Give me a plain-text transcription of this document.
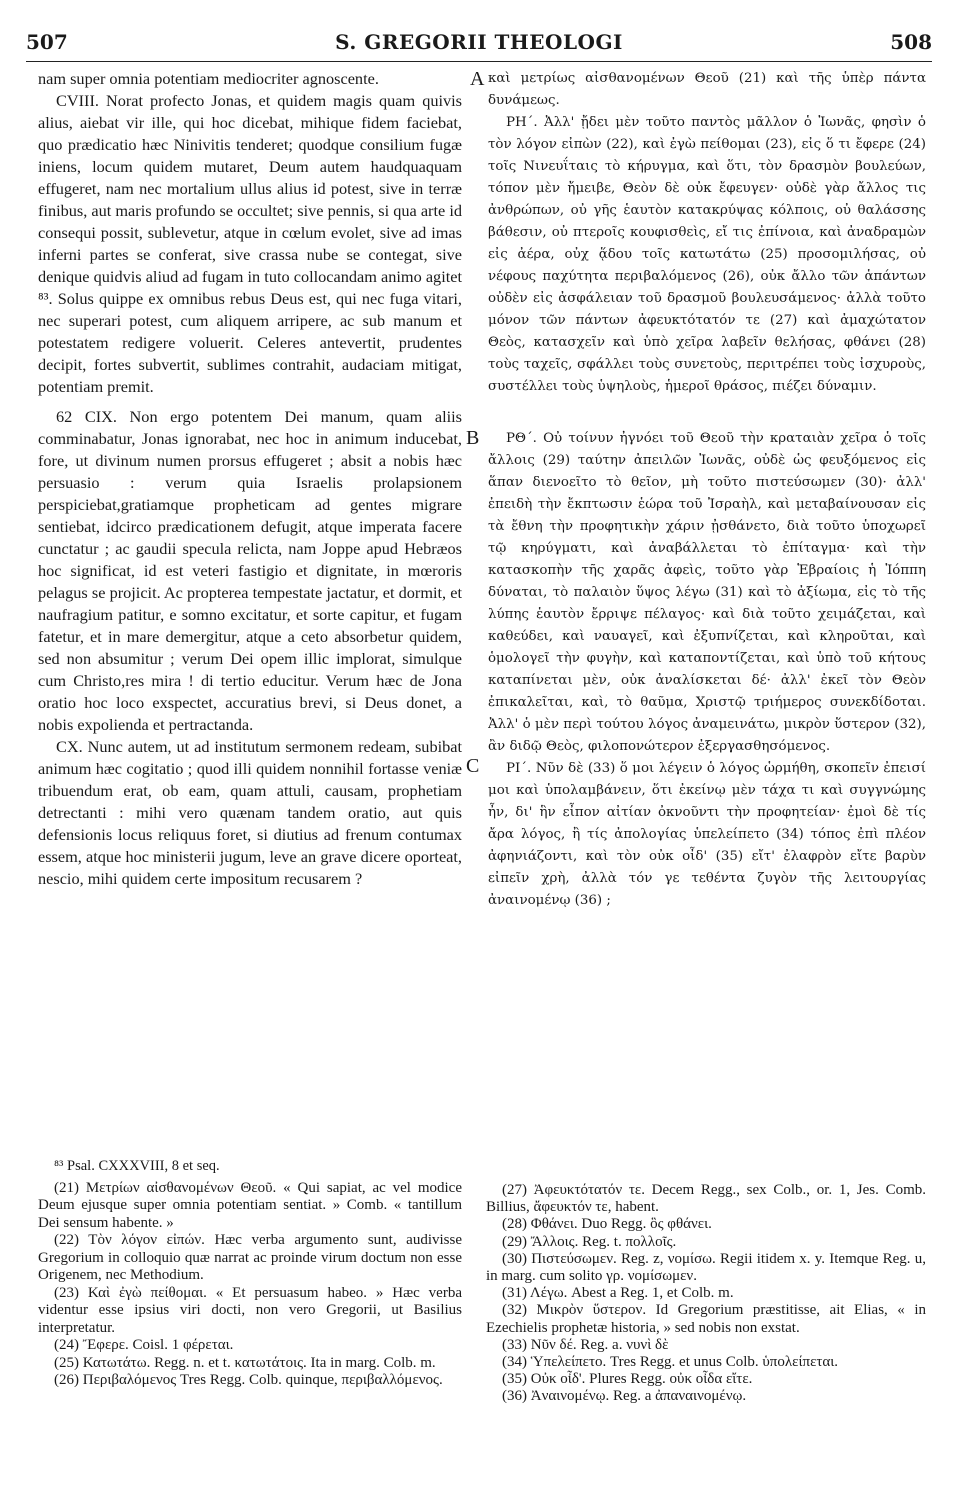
507	S. GREGORII THEOLOGI	508
A
B
C

nam super omnia potentiam mediocriter agnoscente.

CVIII. Norat profecto Jonas, et quidem magis quam quivis alius, aiebat vir ille, qui hoc dicebat, mihique fidem faciebat, quo prædicatio hæc Ninivitis tenderet; quodque consilium fugæ iniens, locum quidem mutaret, Deum autem haudquaquam effugeret, nam nec mortalium ullus alius id potest, sive in terræ finibus, aut maris profundo se occultet; sive pennis, si qua arte id consequi possit, sublevetur, atque in cœlum evolet, sive ad imas inferni partes se conferat, sive crassa nube se contegat, sive denique quidvis aliud ad fugam in tuto collocandam animo agitet ⁸³. Solus quippe ex omnibus rebus Deus est, qui nec fuga vitari, nec superari potest, cum aliquem arripere, ac sub manum et potestatem redigere voluerit. Celeres antevertit, prudentes decipit, fortes subvertit, sublimes contrahit, audaciam mitigat, potentiam premit.

62 CIX. Non ergo potentem Dei manum, quam aliis comminabatur, Jonas ignorabat, nec hoc in animum inducebat, fore, ut divinum numen prorsus effugeret ; absit a nobis hæc persuasio : verum quia Israelis prolapsionem perspiciebat,gratiamque propheticam ad gentes migrare sentiebat, idcirco prædicationem defugit, atque imperata facere cunctatur ; ac gaudii specula relicta, nam Joppe apud Hebræos hoc significat, id est veteri fastigio et dignitate, in mœroris pelagus se projicit. Ac propterea tempestate jactatur, et dormit, et naufragium patitur, e somno excitatur, et sorte capitur, et fugam fatetur, et in mare demergitur, atque a ceto absorbetur quidem, sed non absumitur ; verum Dei opem illic implorat, simulque cum Christo,res mira ! di tertio educitur. Verum hæc de Jona oratio hoc loco exspectet, accuratius brevi, si Deus donet, a nobis expolienda et pertractanda.

CX. Nunc autem, ut ad institutum sermonem redeam, subibat animum hæc cogitatio ; quod illi quidem nonnihil fortasse veniæ tribuendum erat, ob eam, quam attuli, causam, prophetiam detrectanti : mihi vero quænam tandem oratio, aut quis defensionis locus reliquus foret, si diutius ad frenum contumax essem, atque hoc ministerii jugum, leve an grave dicere oporteat, nescio, mihi quidem certe impositum recusarem ?

καὶ μετρίως αἰσθανομένων Θεοῦ (21) καὶ τῆς ὑπὲρ πάντα δυνάμεως.

ΡΗ΄. Ἀλλ' ᾔδει μὲν τοῦτο παντὸς μᾶλλον ὁ Ἰωνᾶς, φησὶν ὁ τὸν λόγον εἰπὼν (22), καὶ ἐγὼ πείθομαι (23), εἰς ὅ τι ἔφερε (24) τοῖς Νινευΐταις τὸ κήρυγμα, καὶ ὅτι, τὸν δρασμὸν βουλεύων, τόπον μὲν ἤμειβε, Θεὸν δὲ οὐκ ἔφευγεν· οὐδὲ γὰρ ἄλλος τις ἀνθρώπων, οὐ γῆς ἑαυτὸν κατακρύψας κόλποις, οὐ θαλάσσης βάθεσιν, οὐ πτεροῖς κουφισθεὶς, εἴ τις ἐπίνοια, καὶ ἀναδραμὼν εἰς ἀέρα, οὐχ ᾅδου τοῖς κατωτάτω (25) προσομιλήσας, οὐ νέφους παχύτητα περιβαλόμενος (26), οὐκ ἄλλο τῶν ἁπάντων οὐδὲν εἰς ἀσφάλειαν τοῦ δρασμοῦ βουλευσάμενος· ἀλλὰ τοῦτο μόνον τῶν πάντων ἀφευκτότατόν τε (27) καὶ ἀμαχώτατον Θεὸς, κατασχεῖν καὶ ὑπὸ χεῖρα λαβεῖν θελήσας, φθάνει (28) τοὺς ταχεῖς, σφάλλει τοὺς συνετοὺς, περιτρέπει τοὺς ἰσχυροὺς, συστέλλει τοὺς ὑψηλοὺς, ἡμεροῖ θράσος, πιέζει δύναμιν.

ΡΘ΄. Οὐ τοίνυν ἠγνόει τοῦ Θεοῦ τὴν κραταιὰν χεῖρα ὁ τοῖς ἄλλοις (29) ταύτην ἀπειλῶν Ἰωνᾶς, οὐδὲ ὡς φευξόμενος εἰς ἅπαν διενοεῖτο τὸ θεῖον, μὴ τοῦτο πιστεύσωμεν (30)· ἀλλ' ἐπειδὴ τὴν ἔκπτωσιν ἑώρα τοῦ Ἰσραὴλ, καὶ μεταβαίνουσαν εἰς τὰ ἔθνη τὴν προφητικὴν χάριν ᾐσθάνετο, διὰ τοῦτο ὑποχωρεῖ τῷ κηρύγματι, καὶ ἀναβάλλεται τὸ ἐπίταγμα· καὶ τὴν κατασκοπὴν τῆς χαρᾶς ἀφεὶς, τοῦτο γὰρ Ἑβραίοις ἡ Ἰόππη δύναται, τὸ παλαιὸν ὕψος λέγω (31) καὶ τὸ ἀξίωμα, εἰς τὸ τῆς λύπης ἑαυτὸν ἔρριψε πέλαγος· καὶ διὰ τοῦτο χειμάζεται, καὶ καθεύδει, καὶ ναυαγεῖ, καὶ ἐξυπνίζεται, καὶ κληροῦται, καὶ ὁμολογεῖ τὴν φυγὴν, καὶ καταποντίζεται, καὶ ὑπὸ τοῦ κήτους καταπίνεται μὲν, οὐκ ἀναλίσκεται δέ· ἀλλ' ἐκεῖ τὸν Θεὸν ἐπικαλεῖται, καὶ, τὸ θαῦμα, Χριστῷ τριήμερος συνεκδίδοται. Ἀλλ' ὁ μὲν περὶ τούτου λόγος ἀναμεινάτω, μικρὸν ὕστερον (32), ἂν διδῷ Θεὸς, φιλοπονώτερον ἐξεργασθησόμενος.

ΡΙ΄. Νῦν δὲ (33) ὅ μοι λέγειν ὁ λόγος ὡρμήθη, σκοπεῖν ἐπεισί μοι καὶ ὑπολαμβάνειν, ὅτι ἐκείνῳ μὲν τάχα τι καὶ συγγνώμης ἦν, δι' ἣν εἶπον αἰτίαν ὀκνοῦντι τὴν προφητείαν· ἐμοὶ δὲ τίς ἄρα λόγος, ἢ τίς ἀπολογίας ὑπελείπετο (34) τόπος ἐπὶ πλέον ἀφηνιάζοντι, καὶ τὸν οὐκ οἶδ' (35) εἴτ' ἐλαφρὸν εἴτε βαρὺν εἰπεῖν χρὴ, ἀλλὰ τόν γε τεθέντα ζυγὸν τῆς λειτουργίας ἀναινομένῳ (36) ;

⁸³ Psal. CXXXVIII, 8 et seq.

(21) Μετρίων αἰσθανομένων Θεοῦ. « Qui sapiat, ac vel modice Deum ejusque super omnia potentiam sentiat. » Comb. « tantillum Dei sensum habente. »

(22) Τὸν λόγον εἰπών. Hæc verba argumento sunt, audivisse Gregorium in colloquio quæ narrat ac proinde virum doctum non esse Origenem, nec Methodium.

(23) Καὶ ἐγὼ πείθομαι. « Et persuasum habeo. » Hæc verba videntur esse ipsius viri docti, non vero Gregorii, ut Basilius interpretatur.

(24) Ἔφερε. Coisl. 1 φέρεται.

(25) Κατωτάτω. Regg. n. et t. κατωτάτοις. Ita in marg. Colb. m.

(26) Περιβαλόμενος Tres Regg. Colb. quinque, περιβαλλόμενος.

(27) Ἀφευκτότατόν τε. Decem Regg., sex Colb., or. 1, Jes. Comb. Billius, ἄφευκτόν τε, habent.

(28) Φθάνει. Duo Regg. ὃς φθάνει.

(29) Ἄλλοις. Reg. t. πολλοῖς.

(30) Πιστεύσωμεν. Reg. z, νομίσω. Regii itidem x. y. Itemque Reg. u, in marg. cum solito γρ. νομίσωμεν.

(31) Λέγω. Abest a Reg. 1, et Colb. m.

(32) Μικρὸν ὕστερον. Id Gregorium præstitisse, ait Elias, « in Ezechielis prophetæ historia, » sed nobis non exstat.

(33) Νῦν δέ. Reg. a. νυνὶ δὲ

(34) Ὑπελείπετο. Tres Regg. et unus Colb. ὑπολείπεται.

(35) Οὐκ οἶδ'. Plures Regg. οὐκ οἶδα εἴτε.

(36) Ἀναινομένῳ. Reg. a ἀπαναινομένῳ.
